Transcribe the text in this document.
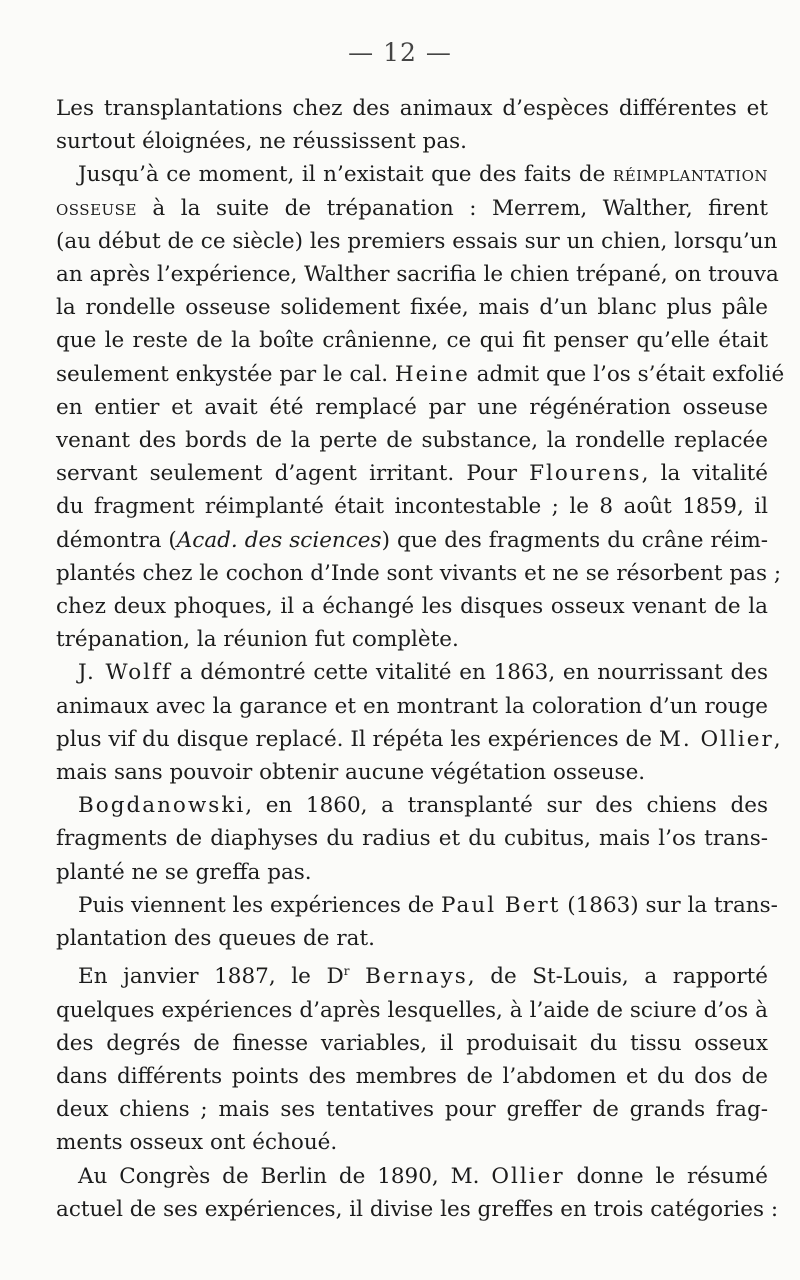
— 12 —

Les transplantations chez des animaux d’espèces différentes et
surtout éloignées, ne réussissent pas.

Jusqu’à ce moment, il n’existait que des faits de réimplantation
osseuse à la suite de trépanation : Merrem, Walther, firent
(au début de ce siècle) les premiers essais sur un chien, lorsqu’un
an après l’expérience, Walther sacrifia le chien trépané, on trouva
la rondelle osseuse solidement fixée, mais d’un blanc plus pâle
que le reste de la boîte crânienne, ce qui fit penser qu’elle était
seulement enkystée par le cal. Heine admit que l’os s’était exfolié
en entier et avait été remplacé par une régénération osseuse
venant des bords de la perte de substance, la rondelle replacée
servant seulement d’agent irritant. Pour Flourens, la vitalité
du fragment réimplanté était incontestable ; le 8 août 1859, il
démontra (Acad. des sciences) que des fragments du crâne réim-
plantés chez le cochon d’Inde sont vivants et ne se résorbent pas ;
chez deux phoques, il a échangé les disques osseux venant de la
trépanation, la réunion fut complète.

J. Wolff a démontré cette vitalité en 1863, en nourrissant des
animaux avec la garance et en montrant la coloration d’un rouge
plus vif du disque replacé. Il répéta les expériences de M. Ollier,
mais sans pouvoir obtenir aucune végétation osseuse.

Bogdanowski, en 1860, a transplanté sur des chiens des
fragments de diaphyses du radius et du cubitus, mais l’os trans-
planté ne se greffa pas.

Puis viennent les expériences de Paul Bert (1863) sur la trans-
plantation des queues de rat.

En janvier 1887, le $D^r$ Bernays, de St-Louis, a rapporté
quelques expériences d’après lesquelles, à l’aide de sciure d’os à
des degrés de finesse variables, il produisait du tissu osseux
dans différents points des membres de l’abdomen et du dos de
deux chiens ; mais ses tentatives pour greffer de grands frag-
ments osseux ont échoué.

Au Congrès de Berlin de 1890, M. Ollier donne le résumé
actuel de ses expériences, il divise les greffes en trois catégories :
